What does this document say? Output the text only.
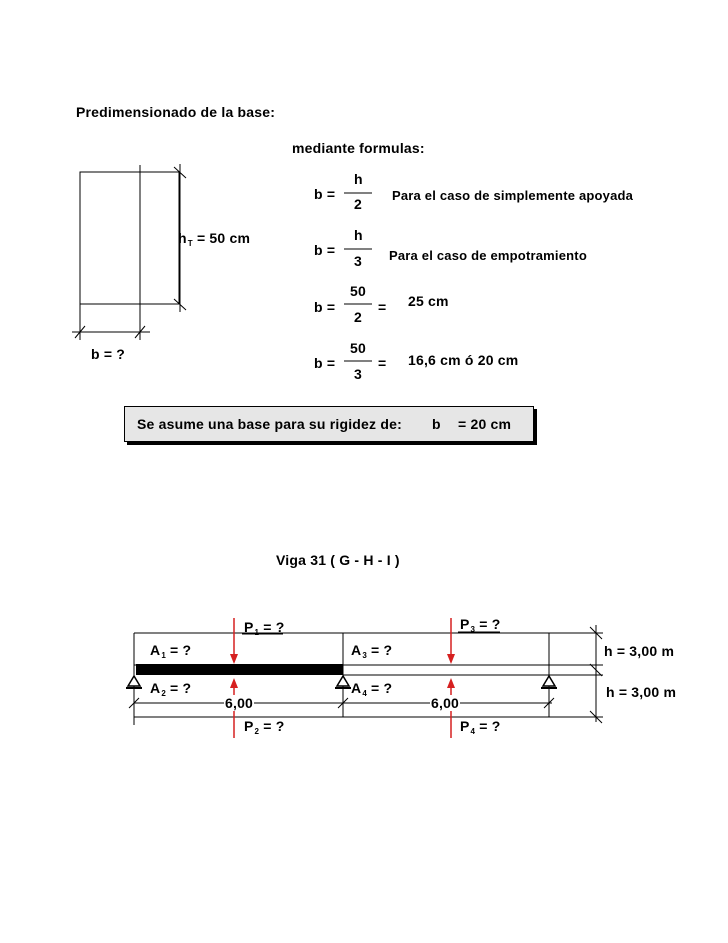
Predimensionado de la base:
mediante formulas:
$h_T = 50$ cm
b = ?
b =
h
2
Para el caso de simplemente apoyada
b =
h
3 Para el caso de empotramiento
b =
50
2
= 25 cm
b =
50
3
= 16,6 cm ó 20 cm
Se asume una base para su rigidez de: b = 20 cm
Viga 31 ( G - H - I )
$P_1$ = ?
$P_2$ = ?
$P_3$ = ?
$P_4$ = ?
$A_1$ = ?
$A_2$ = ?
$A_3$ = ?
$A_4$ = ?
6,00	6,00
h = 3,00 m
h = 3,00 m
